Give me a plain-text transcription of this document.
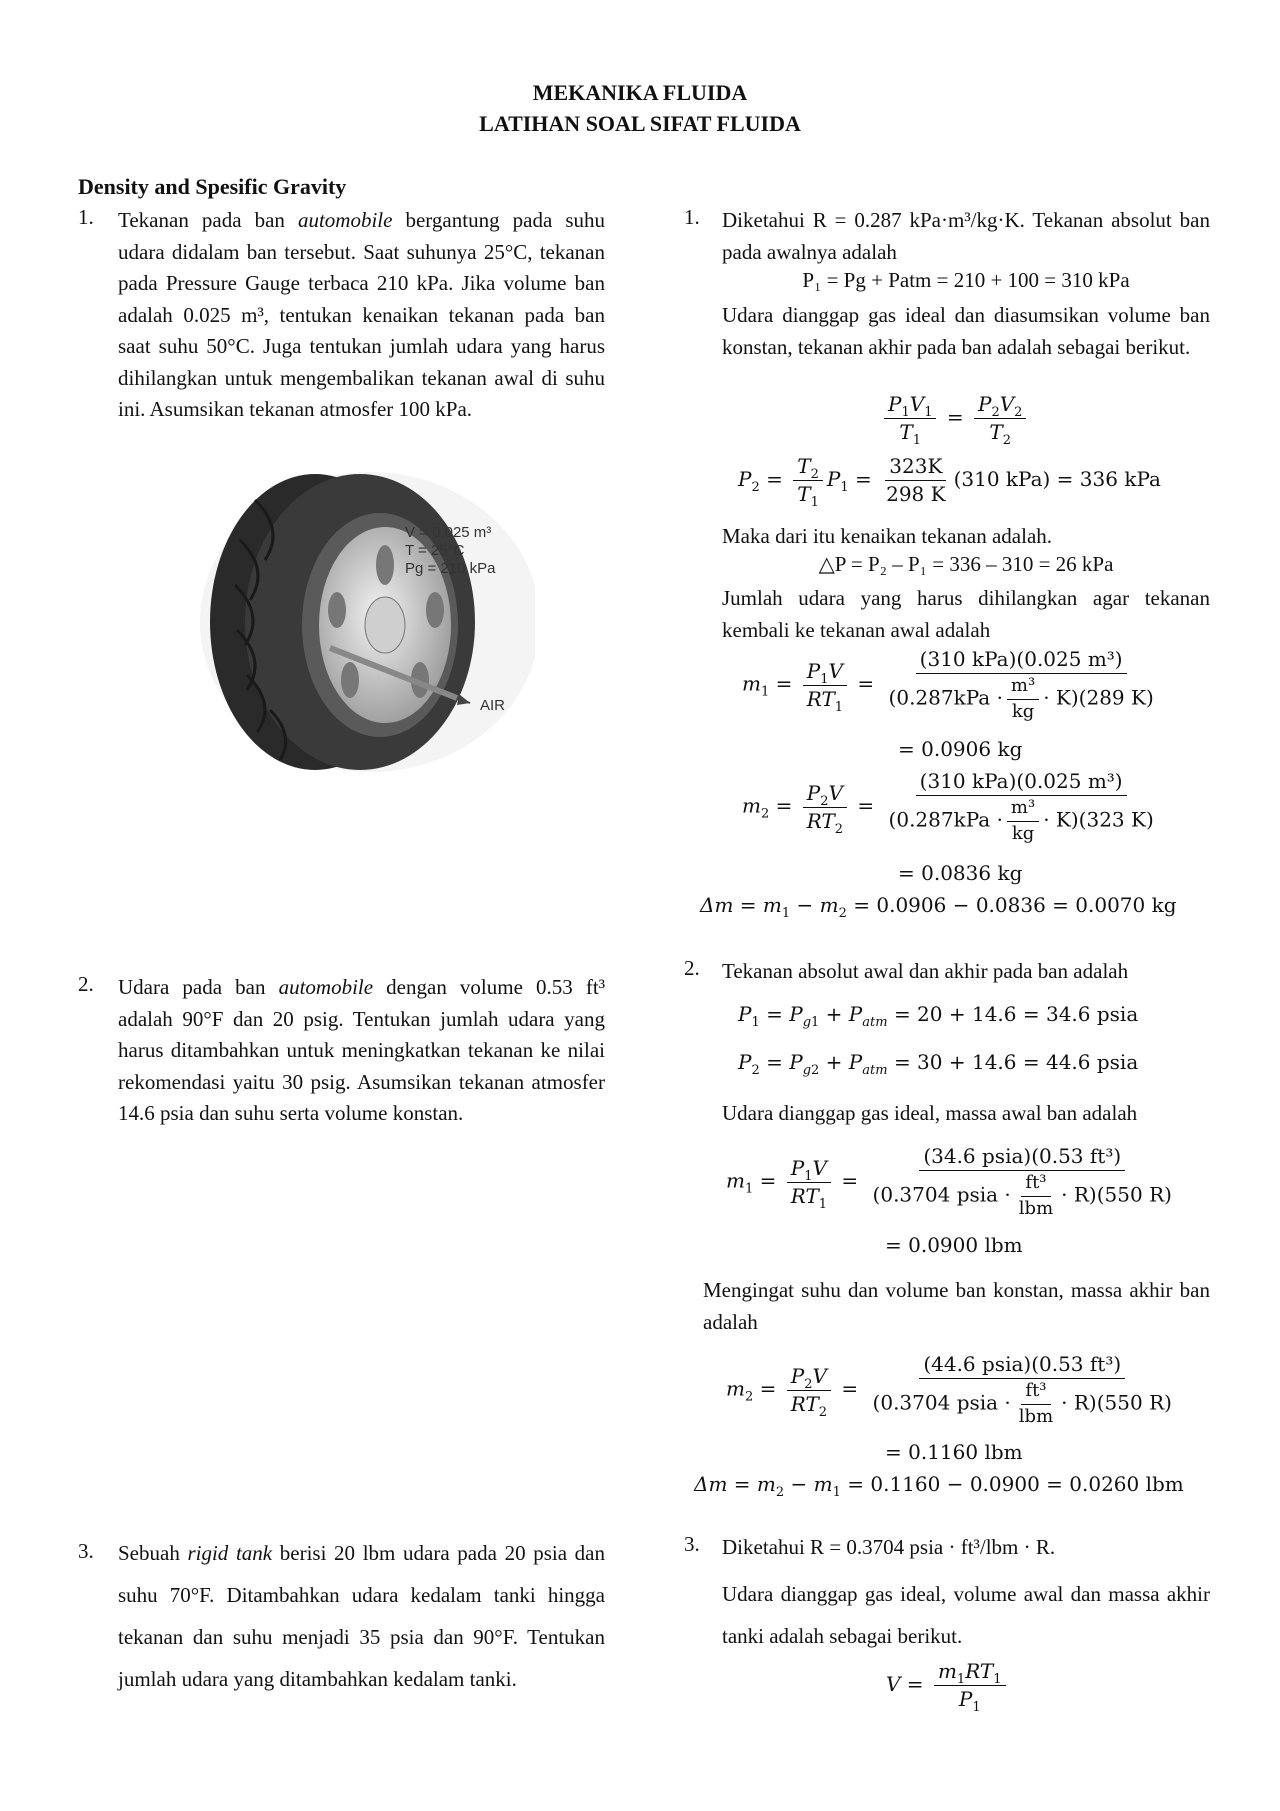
MEKANIKA FLUIDA
LATIHAN SOAL SIFAT FLUIDA
Density and Spesific Gravity
1. Tekanan pada ban automobile bergantung pada suhu udara didalam ban tersebut. Saat suhunya 25°C, tekanan pada Pressure Gauge terbaca 210 kPa. Jika volume ban adalah 0.025 m³, tentukan kenaikan tekanan pada ban saat suhu 50°C. Juga tentukan jumlah udara yang harus dihilangkan untuk mengembalikan tekanan awal di suhu ini. Asumsikan tekanan atmosfer 100 kPa.
V = 0.025 m³
T = 25°C
Pg = 210 kPa
AIR
2. Udara pada ban automobile dengan volume 0.53 ft³ adalah 90°F dan 20 psig. Tentukan jumlah udara yang harus ditambahkan untuk meningkatkan tekanan ke nilai rekomendasi yaitu 30 psig. Asumsikan tekanan atmosfer 14.6 psia dan suhu serta volume konstan.
3. Sebuah rigid tank berisi 20 lbm udara pada 20 psia dan suhu 70°F. Ditambahkan udara kedalam tanki hingga tekanan dan suhu menjadi 35 psia dan 90°F. Tentukan jumlah udara yang ditambahkan kedalam tanki.
1. Diketahui R = 0.287 kPa·m³/kg·K. Tekanan absolut ban pada awalnya adalah
P₁ = Pg + Patm = 210 + 100 = 310 kPa
Udara dianggap gas ideal dan diasumsikan volume ban konstan, tekanan akhir pada ban adalah sebagai berikut.
$\frac{P_1V_1}{T_1} = \frac{P_2V_2}{T_2}$
$P_2 = \frac{T_2}{T_1} P_1 = \frac{323K}{298 K} (310$ kPa) = 336 kPa
Maka dari itu kenaikan tekanan adalah.
△P = P₂ – P₁ = 336 – 310 = 26 kPa
Jumlah udara yang harus dihilangkan agar tekanan kembali ke tekanan awal adalah
$m_1 = \frac{P_1V}{RT_1} = \frac{\text{(310 kPa)(0.025 m³)}}{(0.287kPa \cdot \frac{\text{m³}}{kg} \cdot K)(289 K)}$
= 0.0906 kg
$m_2 = \frac{P_2V}{RT_2} = \frac{\text{(310 kPa)(0.025 m³)}}{(0.287kPa \cdot \frac{\text{m³}}{kg} \cdot K)(323 K)}$
= 0.0836 kg
$\Delta m = m_1 - m_2 = 0.0906 - 0.0836 = 0.0070$ kg
2. Tekanan absolut awal dan akhir pada ban adalah
$P_1 = P_{g1} + P_{atm} = 20 + 14.6 = 34.6$ psia
$P_2 = P_{g2} + P_{atm} = 30 + 14.6 = 44.6$ psia
Udara dianggap gas ideal, massa awal ban adalah
$m_1 = \frac{P_1V}{RT_1} = \frac{\text{(34.6 psia)(0.53 ft³)}}{(0.3704 psia \cdot \frac{\text{ft³}}{\text{lbm}} \cdot R)(550 R)}$
= 0.0900 lbm
Mengingat suhu dan volume ban konstan, massa akhir ban adalah
$m_2 = \frac{P_2V}{RT_2} = \frac{\text{(44.6 psia)(0.53 ft³)}}{(0.3704 psia \cdot \frac{\text{ft³}}{\text{lbm}} \cdot R)(550 R)}$
= 0.1160 lbm
$\Delta m = m_2 - m_1 = 0.1160 - 0.0900 = 0.0260$ lbm
3. Diketahui R = 0.3704 psia · ft³/lbm · R.
Udara dianggap gas ideal, volume awal dan massa akhir tanki adalah sebagai berikut.
$V = \frac{m_1RT_1}{P_1}$
